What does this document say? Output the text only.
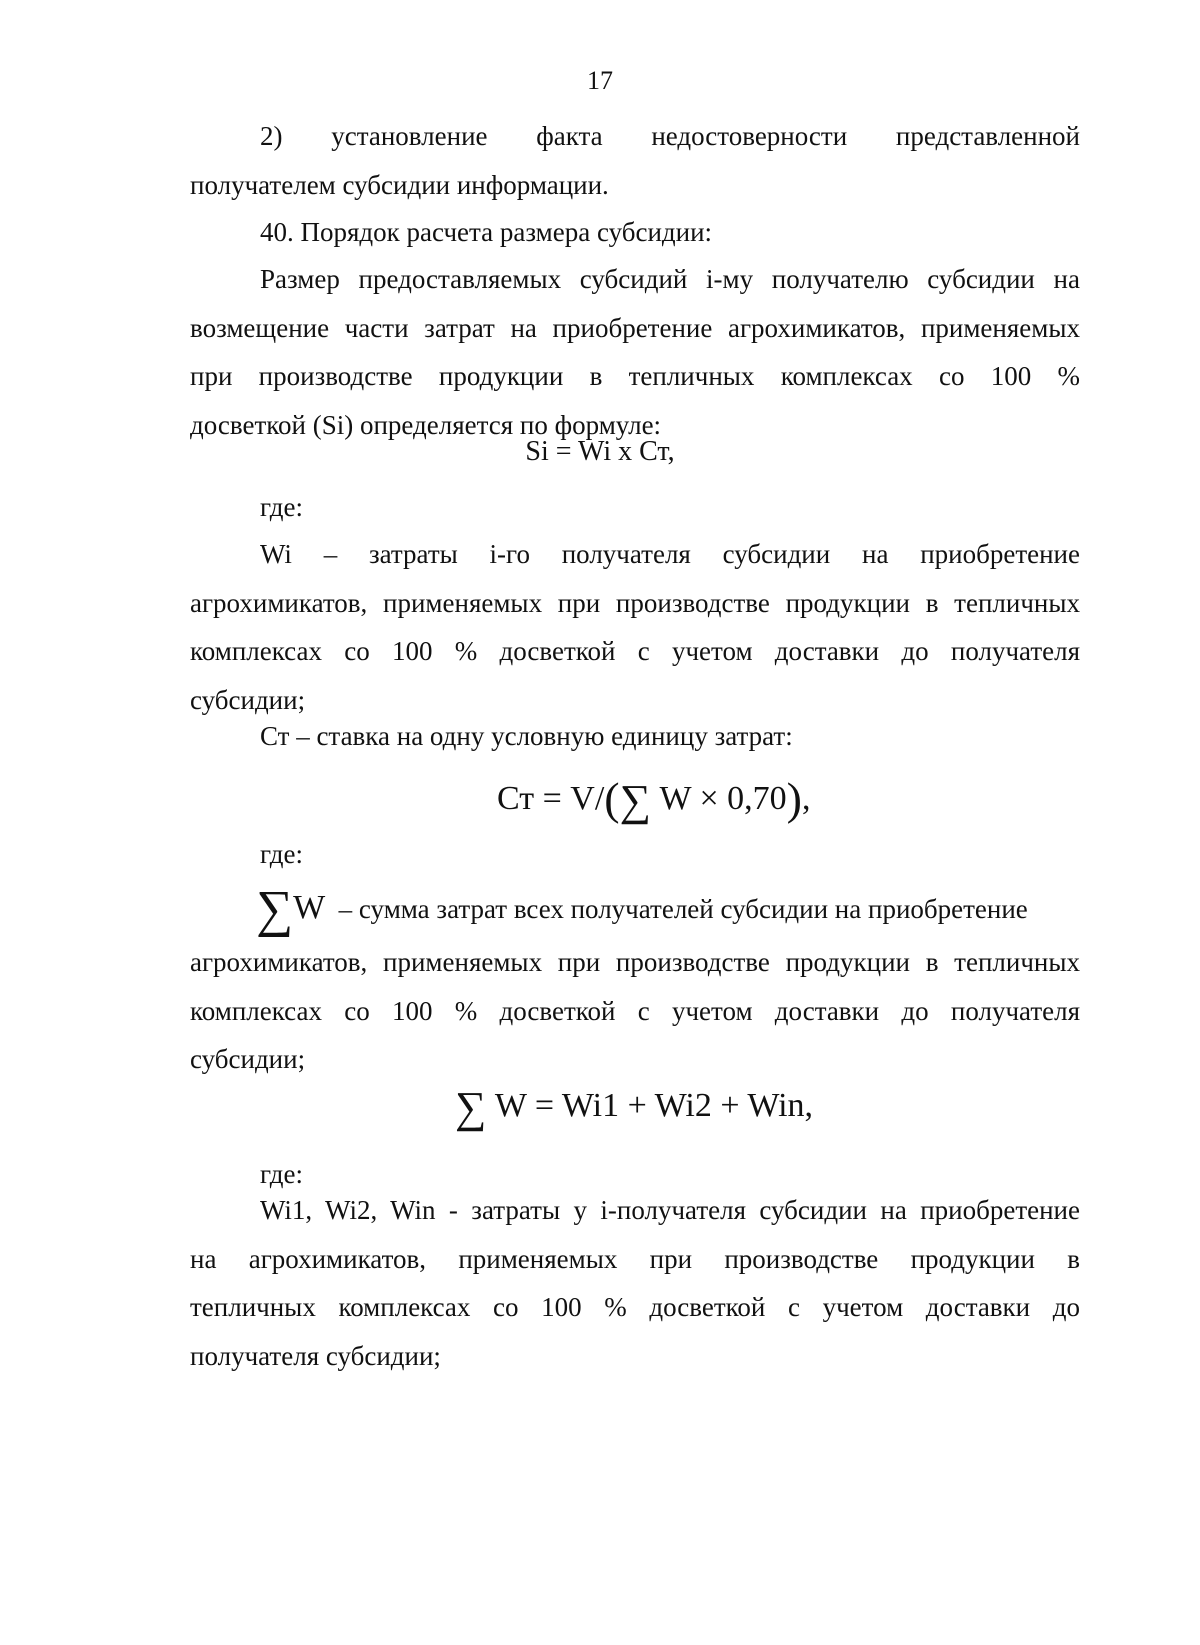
17
2) установление факта недостоверности представленной
получателем субсидии информации.
40. Порядок расчета размера субсидии:
Размер предоставляемых субсидий i-му получателю субсидии на
возмещение части затрат на приобретение агрохимикатов, применяемых
при производстве продукции в тепличных комплексах со 100 %
досветкой (Si) определяется по формуле:
Si = Wi x Ст,
где:
Wi – затраты i-го получателя субсидии на приобретение
агрохимикатов, применяемых при производстве продукции в тепличных
комплексах со 100 % досветкой с учетом доставки до получателя
субсидии;
Ст – ставка на одну условную единицу затрат:
Ст = V/(∑ W × 0,70),
где:
∑W – сумма затрат всех получателей субсидии на приобретение
агрохимикатов, применяемых при производстве продукции в тепличных
комплексах со 100 % досветкой с учетом доставки до получателя
субсидии;
∑ W = Wi1 + Wi2 + Win,
где:
Wi1, Wi2, Win - затраты у i-получателя субсидии на приобретение
на агрохимикатов, применяемых при производстве продукции в
тепличных комплексах со 100 % досветкой с учетом доставки до
получателя субсидии;
